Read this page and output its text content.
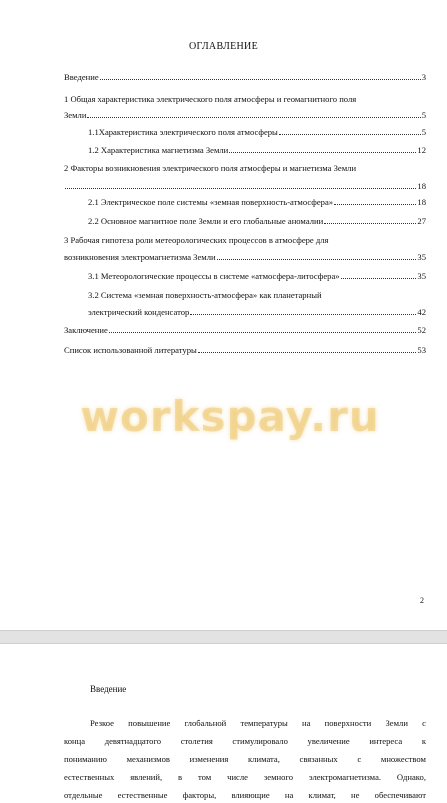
ОГЛАВЛЕНИЕ
Введение	3
1 Общая характеристика электрического поля атмосферы и геомагнитного поля
Земли	5
1.1Характеристика электрического поля атмосферы	5
1.2 Характеристика магнетизма Земли	12
2 Факторы возникновения электрического поля атмосферы и магнетизма Земли
18
2.1 Электрическое поле системы «земная поверхность-атмосфера»	18
2.2 Основное магнитное поле Земли и его глобальные аномалии	27
3 Рабочая гипотеза роли метеорологических процессов в атмосфере для
возникновения электромагнетизма Земли	35
3.1 Метеорологические процессы в системе «атмосфера-литосфера»	35
3.2 Система «земная поверхность-атмосфера» как планетарный
электрический конденсатор	42
Заключение	52
Список использованной литературы	53
2
workspay.ru
Введение
Резкое повышение глобальной температуры на поверхности Земли с
конца девятнадцатого столетия стимулировало увеличение интереса к
пониманию механизмов изменения климата, связанных с множеством
естественных явлений, в том числе земного электромагнетизма. Однако,
отдельные естественные факторы, влияющие на климат, не обеспечивают
